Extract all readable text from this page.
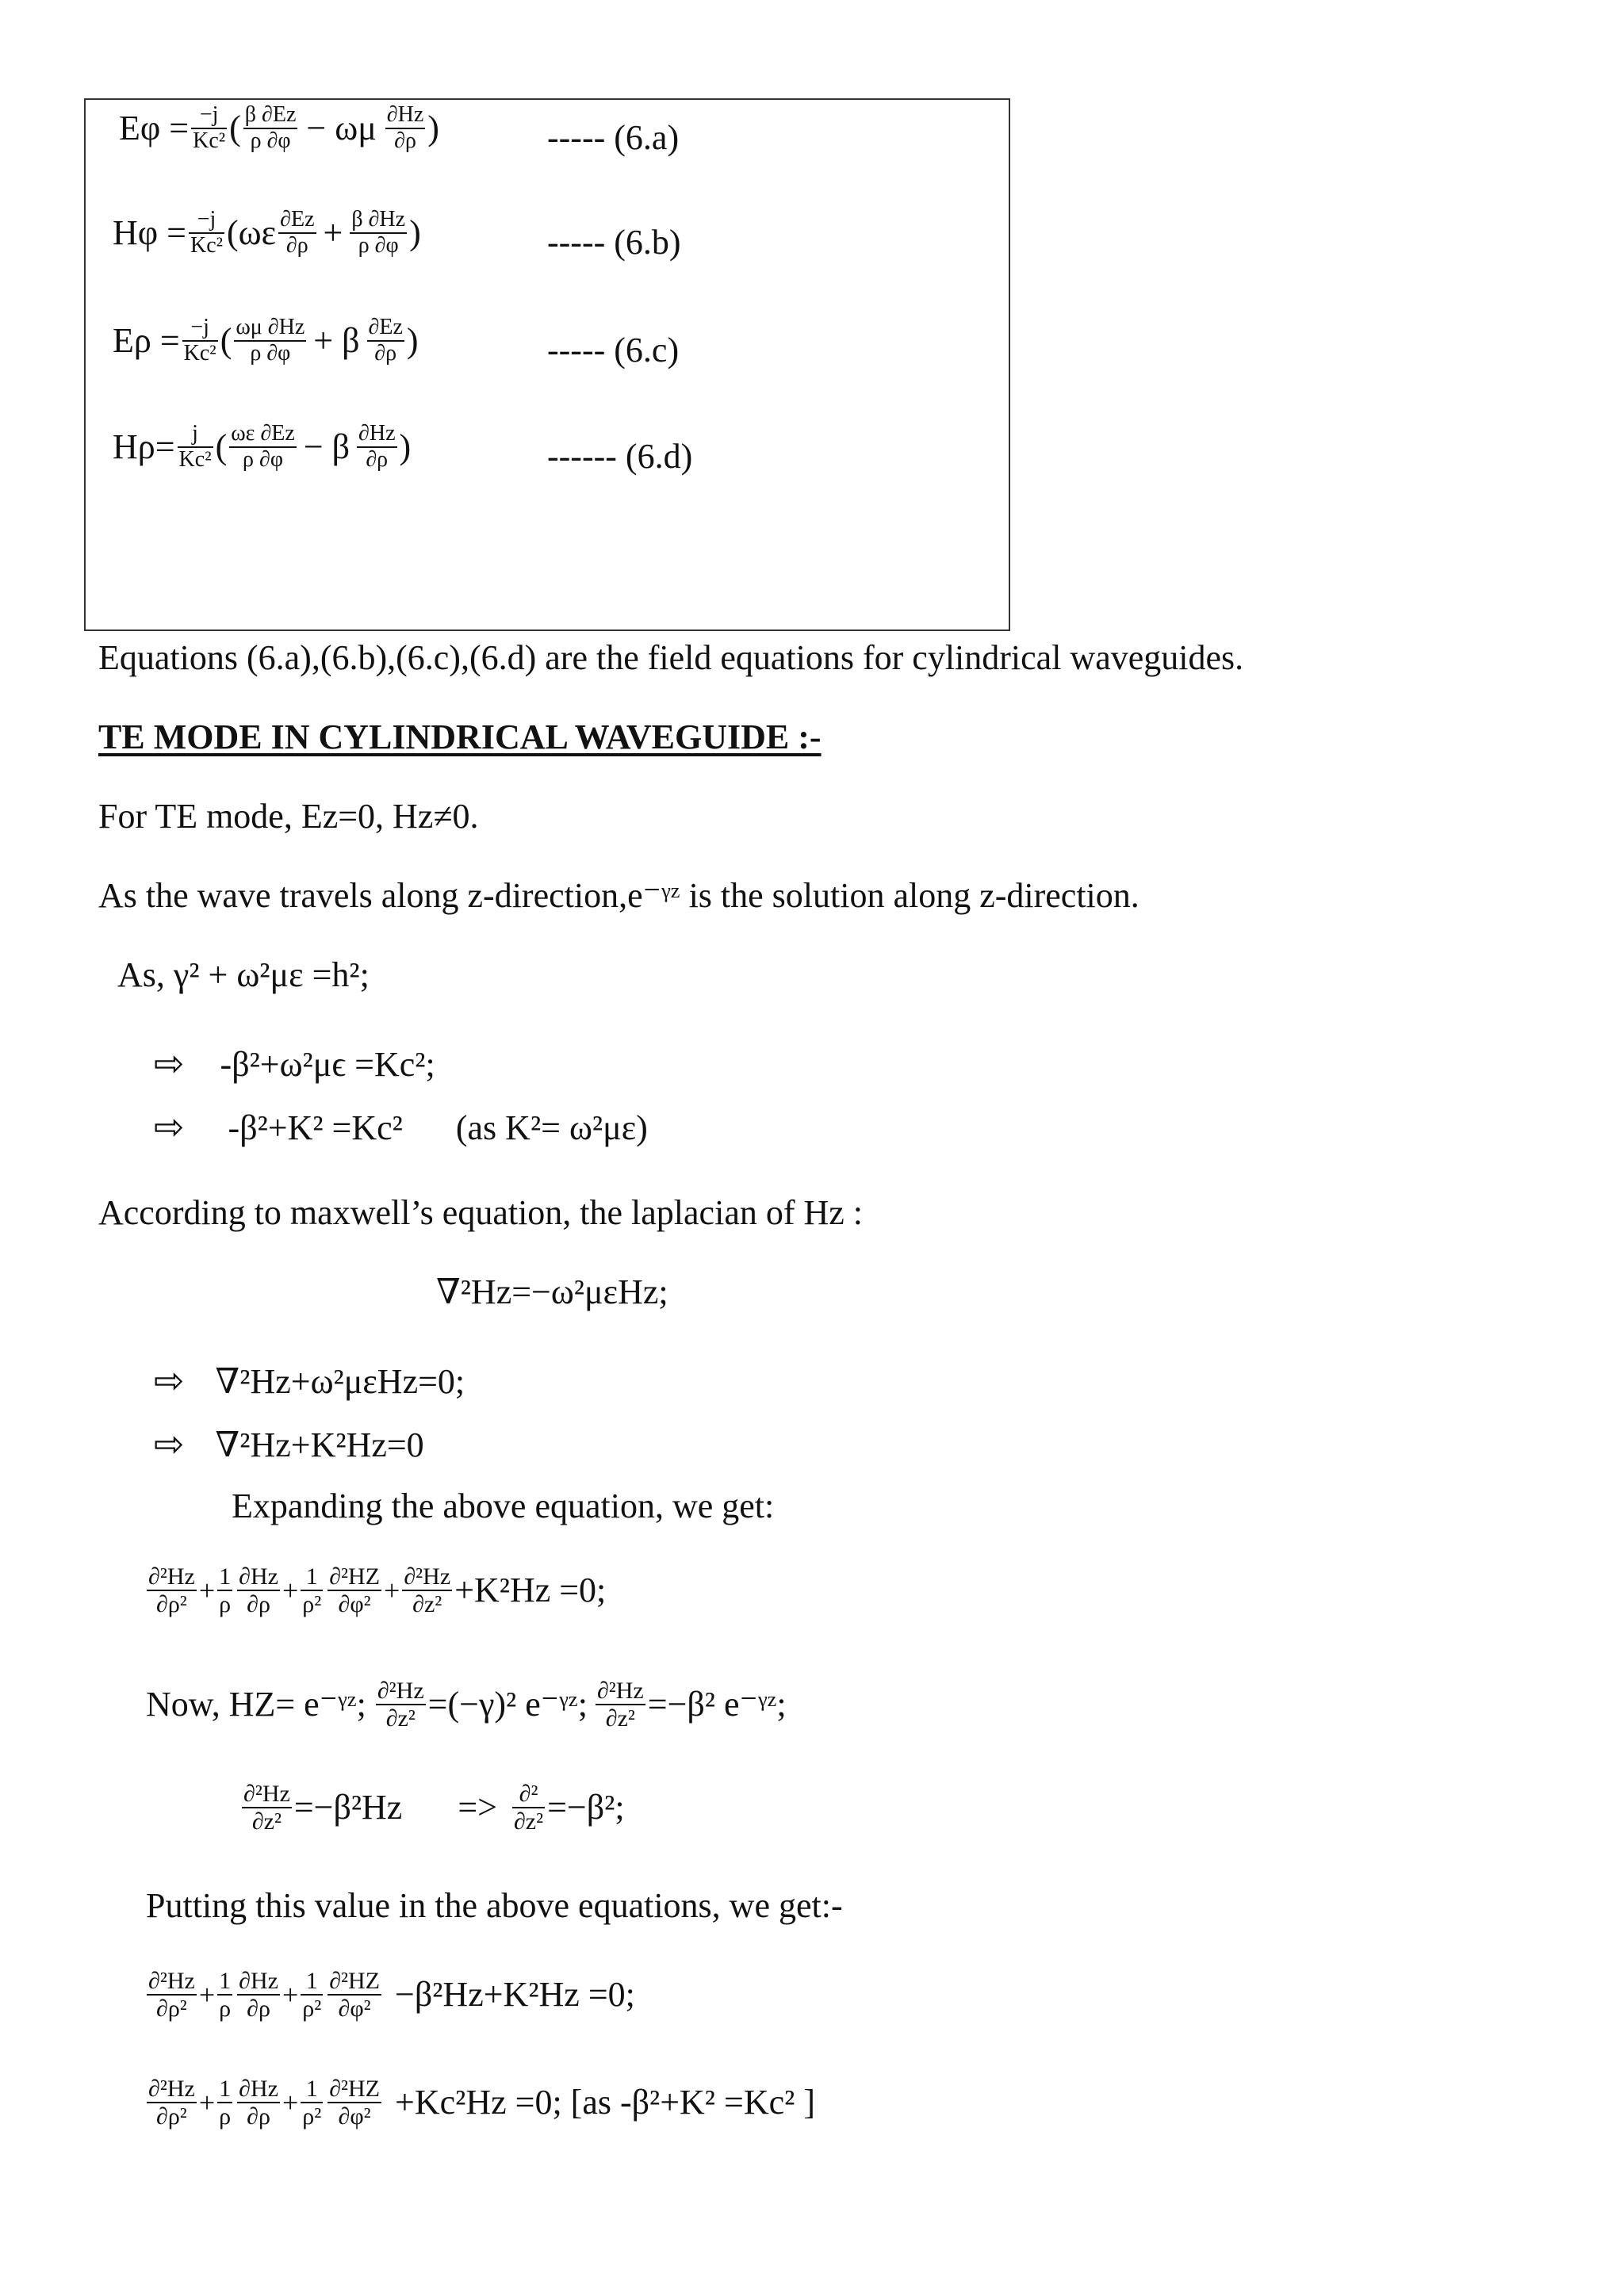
$E\varphi = \frac{-j}{\text{Kc²}}$ ( $\frac{\beta \partial Ez}{\rho \partial\varphi} - \omega\mu \frac{\partial Hz}{\partial\rho}$ )	----- (6.a)
$H\varphi = \frac{-j}{\text{Kc²}} (\omega\varepsilon \frac{\partial Ez}{\partial\rho} + \frac{\beta \partial Hz}{\rho \partial\varphi}$ )	----- (6.b)
$E\rho = \frac{-j}{\text{Kc²}}$ ( $\frac{\omega\mu \partial Hz}{\rho \partial\varphi} + \beta \frac{\partial Ez}{\partial\rho}$ )	----- (6.c)
$H\rho= \frac{j}{\text{Kc²}}$ ( $\frac{\omega\varepsilon \partial Ez}{\rho \partial\varphi} - \beta \frac{\partial Hz}{\partial\rho}$ )	------ (6.d)
Equations (6.a),(6.b),(6.c),(6.d) are the field equations for cylindrical waveguides.
TE MODE IN CYLINDRICAL WAVEGUIDE :-
For TE mode, Ez=0, Hz≠0.
As the wave travels along z-direction,e⁻ᵞᶻ is the solution along z-direction.
As, γ² + ω²με =h²;
⇨ -β²+ω²μϵ =Kc²;
⇨ -β²+K² =Kc² (as K²= ω²με)
According to maxwell’s equation, the laplacian of Hz :
∇²Hz=−ω²μεHz;
⇨ ∇²Hz+ω²μεHz=0;
⇨ ∇²Hz+K²Hz=0
Expanding the above equation, we get:
$\frac{\text{∂²Hz}}{\text{∂ρ²}} + \frac{1}{\rho} \frac{\partial Hz}{\partial\rho} + \frac{1}{\text{ρ²}} \frac{\text{∂²HZ}}{\text{∂φ²}} + \frac{\text{∂²Hz}}{\text{∂z²}} +K^2Hz =0$;
Now, HZ= e⁻ᵞᶻ; $\frac{\text{∂²Hz}}{\text{∂z²}} =(-\gamma)^2$ e⁻ᵞᶻ; $\frac{\text{∂²Hz}}{\text{∂z²}} =-\beta^2$ e⁻ᵞᶻ;
$\frac{\text{∂²Hz}}{\text{∂z²}} =-\beta^2Hz => \frac{\text{∂²}}{\text{∂z²}} =-\beta^2$;
Putting this value in the above equations, we get:-
$\frac{\text{∂²Hz}}{\text{∂ρ²}} + \frac{1}{\rho} \frac{\partial Hz}{\partial\rho} + \frac{1}{\text{ρ²}} \frac{\text{∂²HZ}}{\text{∂φ²}} -\beta^2Hz+K^2Hz =0$;
$\frac{\text{∂²Hz}}{\text{∂ρ²}} + \frac{1}{\rho} \frac{\partial Hz}{\partial\rho} + \frac{1}{\text{ρ²}} \frac{\text{∂²HZ}}{\text{∂φ²}} +Kc^2Hz =0$; [as -β²+K² =Kc² ]
